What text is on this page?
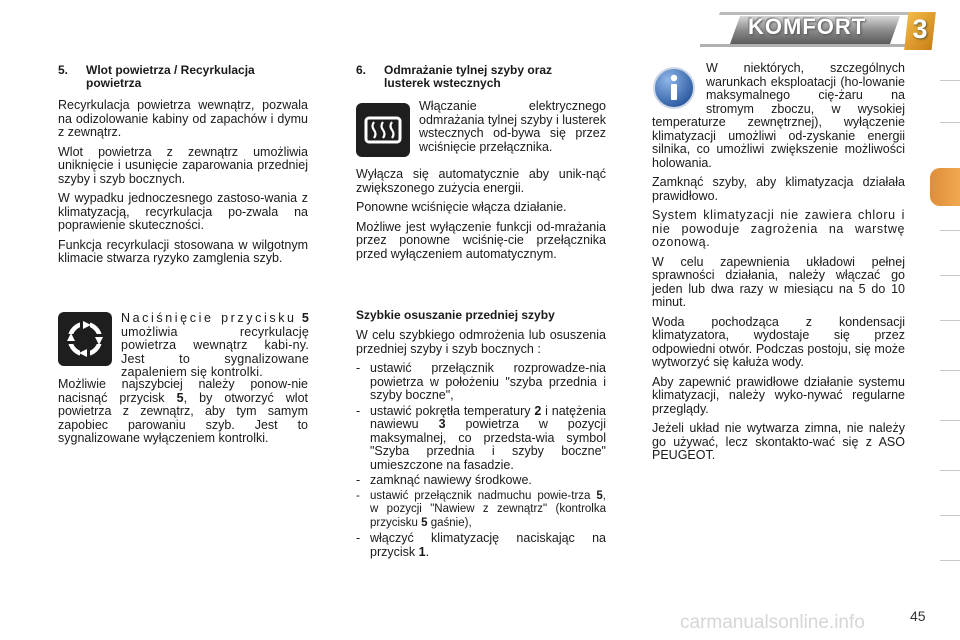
KOMFORT 3
5. Wlot powietrza / Recyrkulacja
powietrza

Recyrkulacja powietrza wewnątrz, pozwala na odizolowanie kabiny od zapachów i dymu z zewnątrz.

Wlot powietrza z zewnątrz umożliwia uniknięcie i usunięcie zaparowania przedniej szyby i szyb bocznych.

W wypadku jednoczesnego zastoso-wania z klimatyzacją, recyrkulacja po-zwala na poprawienie skuteczności.

Funkcja recyrkulacji stosowana w wilgotnym klimacie stwarza ryzyko zamglenia szyb.

Naciśnięcie przycisku 5 umożliwia recyrkulację powietrza wewnątrz kabi-ny. Jest to sygnalizowane zapaleniem się kontrolki.

Możliwie najszybciej należy ponow-nie nacisnąć przycisk 5, by otworzyć wlot powietrza z zewnątrz, aby tym samym zapobiec parowaniu szyb. Jest to sygnalizowane wyłączeniem kontrolki.

6. Odmrażanie tylnej szyby oraz
lusterek wstecznych

Włączanie elektrycznego odmrażania tylnej szyby i lusterek wstecznych od-bywa się przez wciśnięcie przełącznika.

Wyłącza się automatycznie aby unik-nąć zwiększonego zużycia energii.

Ponowne wciśnięcie włącza działanie.

Możliwe jest wyłączenie funkcji od-mrażania przez ponowne wciśnię-cie przełącznika przed wyłączeniem automatycznym.

Szybkie osuszanie przedniej szyby

W celu szybkiego odmrożenia lub osuszenia przedniej szyby i szyb bocznych :

- ustawić przełącznik rozprowadze-nia powietrza w położeniu "szyba przednia i szyby boczne",
- ustawić pokrętła temperatury 2 i natężenia nawiewu 3 powietrza w pozycji maksymalnej, co przedsta-wia symbol "Szyba przednia i szyby boczne" umieszczone na fasadzie.
- zamknąć nawiewy środkowe.
- ustawić przełącznik nadmuchu powie-trza 5, w pozycji "Nawiew z zewnątrz" (kontrolka przycisku 5 gaśnie),
- włączyć klimatyzację naciskając na przycisk 1.

W niektórych, szczególnych warunkach eksploatacji (ho-lowanie maksymalnego cię-żaru na stromym zboczu, w wysokiej temperaturze zewnętrznej), wyłączenie klimatyzacji umożliwi od-zyskanie energii silnika, co umożliwi zwiększenie możliwości holowania.

Zamknąć szyby, aby klimatyzacja działała prawidłowo.

System klimatyzacji nie zawiera chloru i nie powoduje zagrożenia na warstwę ozonową.

W celu zapewnienia układowi pełnej sprawności działania, należy włączać go jeden lub dwa razy w miesiącu na 5 do 10 minut.

Woda pochodząca z kondensacji klimatyzatora, wydostaje się przez odpowiedni otwór. Podczas postoju, się może wytworzyć się kałuża wody.

Aby zapewnić prawidłowe działanie systemu klimatyzacji, należy wyko-nywać regularne przeglądy.

Jeżeli układ nie wytwarza zimna, nie należy go używać, lecz skontakto-wać się z ASO PEUGEOT.

carmanualsonline.info	45
